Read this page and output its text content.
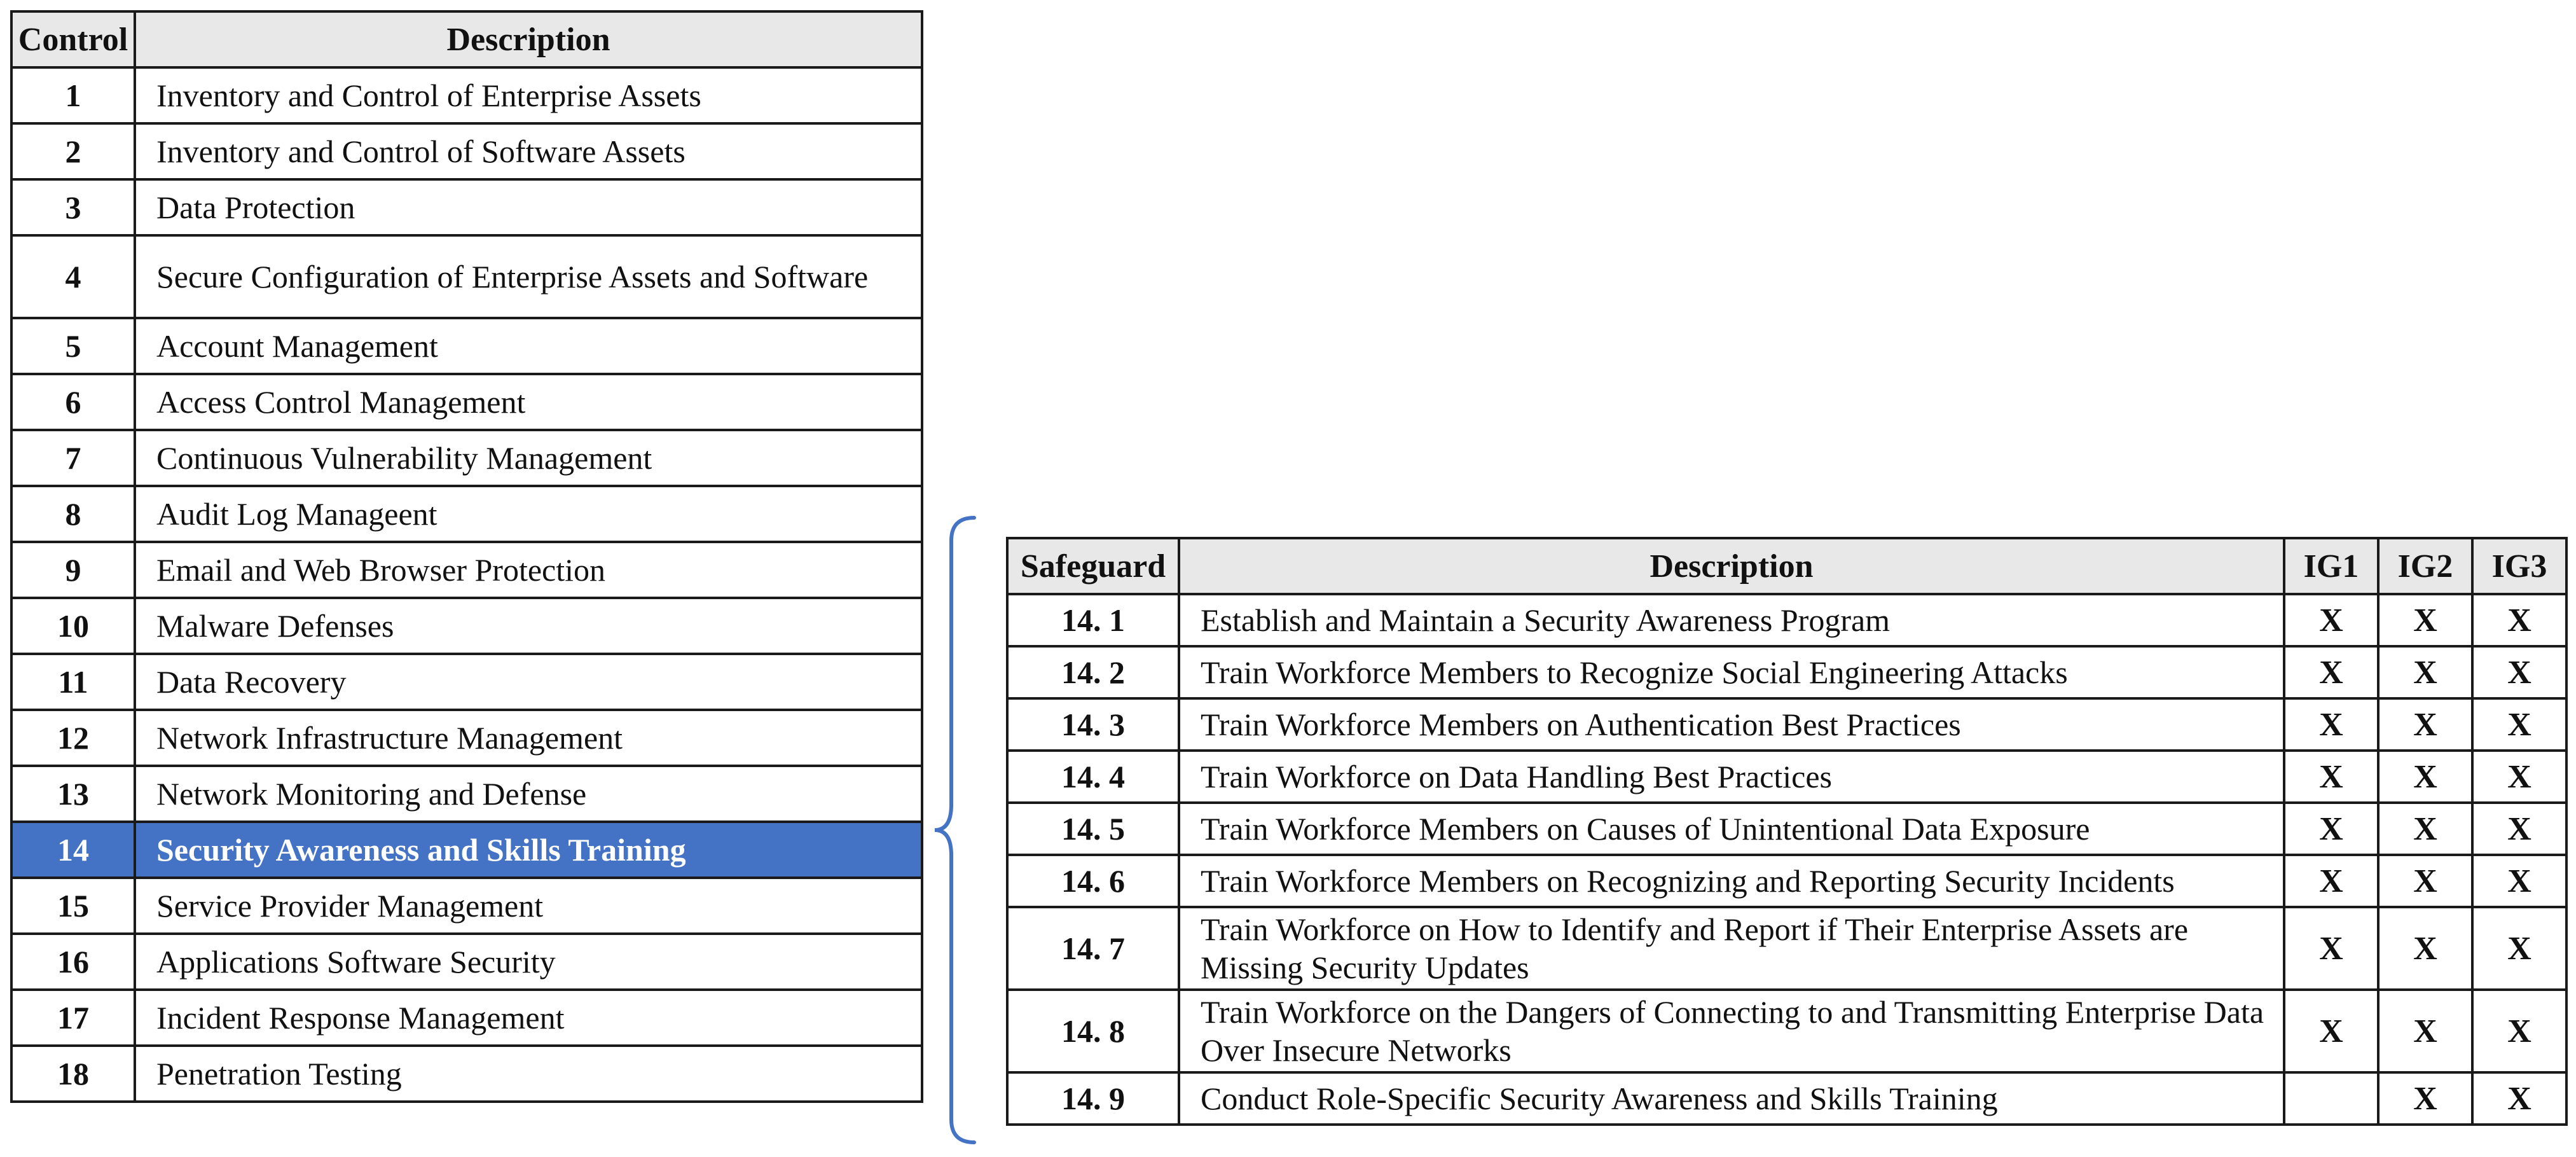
Control	Description
1	Inventory and Control of Enterprise Assets
2	Inventory and Control of Software Assets
3	Data Protection
4	Secure Configuration of Enterprise Assets and Software
5	Account Management
6	Access Control Management
7	Continuous Vulnerability Management
8	Audit Log Manageent
9	Email and Web Browser Protection
10	Malware Defenses
11	Data Recovery
12	Network Infrastructure Management
13	Network Monitoring and Defense
14	Security Awareness and Skills Training
15	Service Provider Management
16	Applications Software Security
17	Incident Response Management
18	Penetration Testing
Safeguard	Description	IG1	IG2	IG3
14. 1	Establish and Maintain a Security Awareness Program	X	X	X
14. 2	Train Workforce Members to Recognize Social Engineering Attacks	X	X	X
14. 3	Train Workforce Members on Authentication Best Practices	X	X	X
14. 4	Train Workforce on Data Handling Best Practices	X	X	X
14. 5	Train Workforce Members on Causes of Unintentional Data Exposure	X	X	X
14. 6	Train Workforce Members on Recognizing and Reporting Security Incidents	X	X	X
14. 7	Train Workforce on How to Identify and Report if Their Enterprise Assets are Missing Security Updates	X	X	X
14. 8	Train Workforce on the Dangers of Connecting to and Transmitting Enterprise Data Over Insecure Networks	X	X	X
14. 9	Conduct Role-Specific Security Awareness and Skills Training		X	X
